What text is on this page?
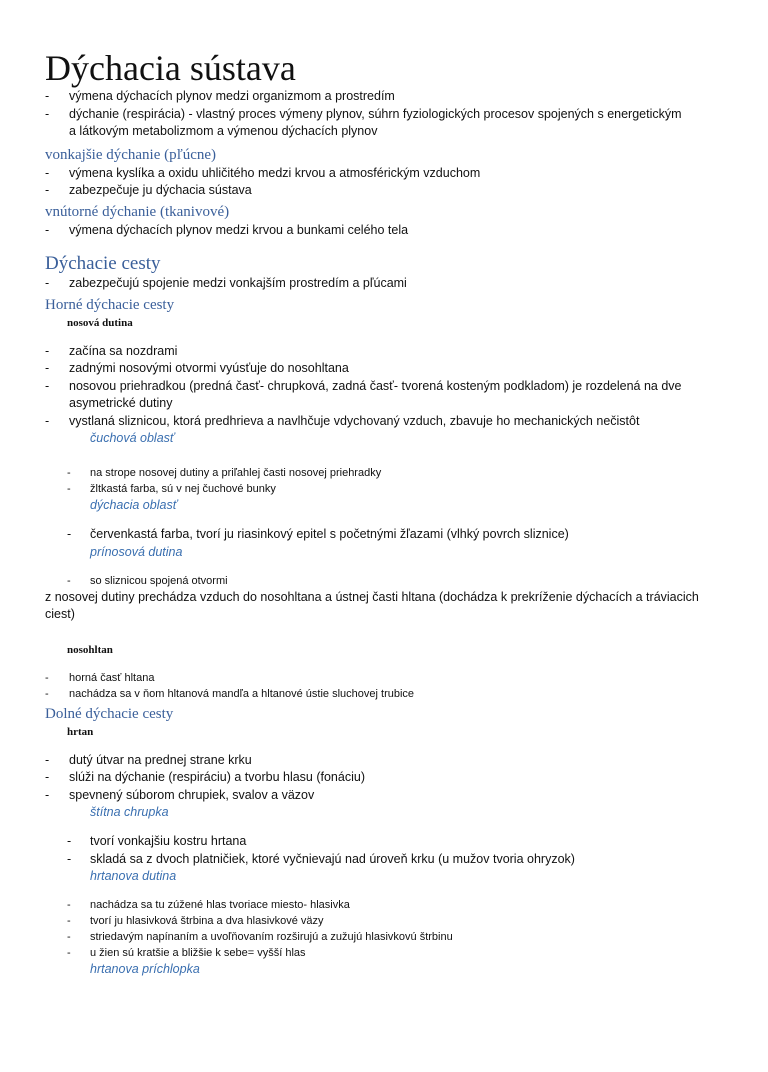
Dýchacia sústava
- výmena dýchacích plynov medzi organizmom a prostredím
- dýchanie (respirácia) - vlastný proces výmeny plynov, súhrn fyziologických procesov spojených s energetickým
a látkovým metabolizmom a výmenou dýchacích plynov
vonkajšie dýchanie (pľúcne)
- výmena kyslíka a oxidu uhličitého medzi krvou a atmosférickým vzduchom
- zabezpečuje ju dýchacia sústava
vnútorné dýchanie (tkanivové)
- výmena dýchacích plynov medzi krvou a bunkami celého tela
Dýchacie cesty
- zabezpečujú spojenie medzi vonkajším prostredím a pľúcami
Horné dýchacie cesty
nosová dutina
- začína sa nozdrami
- zadnými nosovými otvormi vyúsťuje do nosohltana
- nosovou priehradkou (predná časť- chrupková, zadná časť- tvorená kosteným podkladom) je rozdelená na dve
asymetrické dutiny
- vystlaná sliznicou, ktorá predhrieva a navlhčuje vdychovaný vzduch, zbavuje ho mechanických nečistôt
čuchová oblasť
- na strope nosovej dutiny a priľahlej časti nosovej priehradky
- žltkastá farba, sú v nej čuchové bunky
dýchacia oblasť
- červenkastá farba, tvorí ju riasinkový epitel s početnými žľazami (vlhký povrch sliznice)
prínosová dutina
- so sliznicou spojená otvormi
z nosovej dutiny prechádza vzduch do nosohltana a ústnej časti hltana (dochádza k prekríženie dýchacích a tráviacich ciest)
nosohltan
- horná časť hltana
- nachádza sa v ňom hltanová mandľa a hltanové ústie sluchovej trubice
Dolné dýchacie cesty
hrtan
- dutý útvar na prednej strane krku
- slúži na dýchanie (respiráciu) a tvorbu hlasu (fonáciu)
- spevnený súborom chrupiek, svalov a väzov
štítna chrupka
- tvorí vonkajšiu kostru hrtana
- skladá sa z dvoch platničiek, ktoré vyčnievajú nad úroveň krku (u mužov tvoria ohryzok)
hrtanova dutina
- nachádza sa tu zúžené hlas tvoriace miesto- hlasivka
- tvorí ju hlasivková štrbina a dva hlasivkové väzy
- striedavým napínaním a uvoľňovaním rozširujú a zužujú hlasivkovú štrbinu
- u žien sú kratšie a bližšie k sebe= vyšší hlas
hrtanova príchlopka
